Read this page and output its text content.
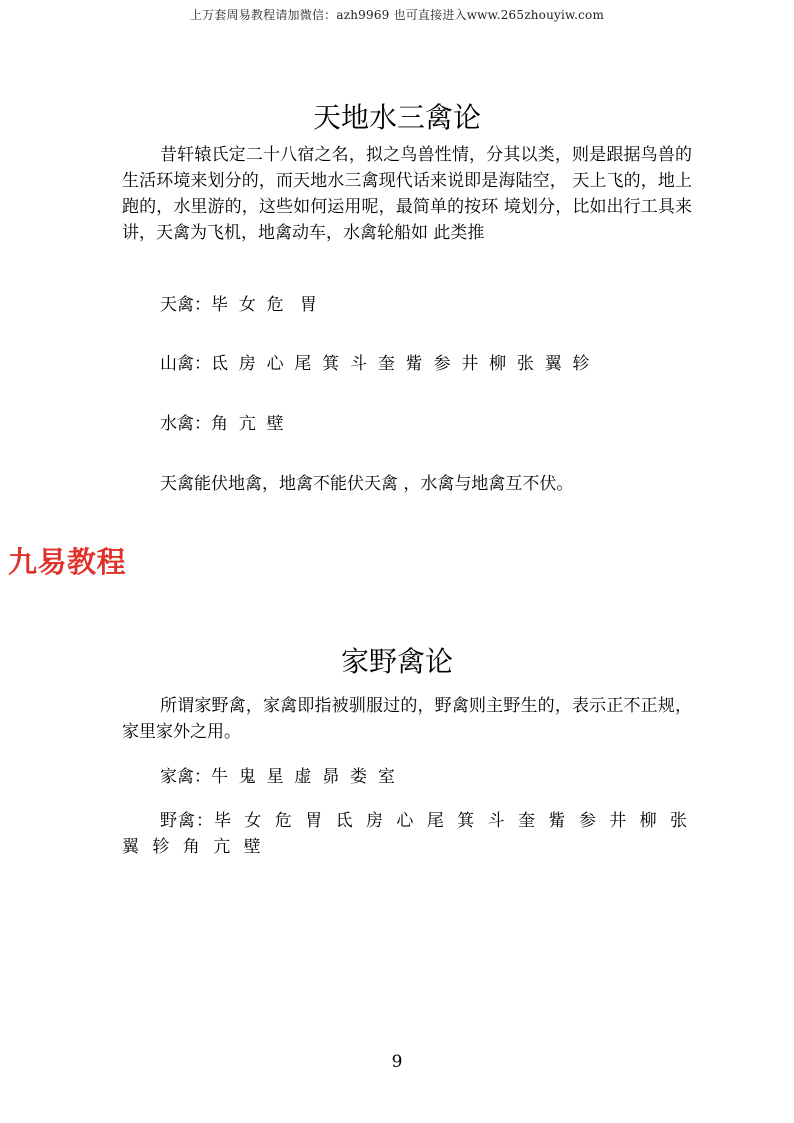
上万套周易教程请加微信：azh9969 也可直接进入www.265zhouyiw.com
天地水三禽论

昔轩辕氏定二十八宿之名，拟之鸟兽性情，分其以类，则是跟据鸟兽的生活环境来划分的，而天地水三禽现代话来说即是海陆空， 天上飞的，地上跑的，水里游的，这些如何运用呢，最简单的按环 境划分，比如出行工具来讲，天禽为飞机，地禽动车，水禽轮船如 此类推

天禽：毕  女  危   胃

山禽：氐  房  心  尾  箕  斗  奎  觜  参  井  柳  张  翼  轸

水禽：角  亢  壁

天禽能伏地禽，地禽不能伏天禽 ，水禽与地禽互不伏。

九易教程
家野禽论

所谓家野禽，家禽即指被驯服过的，野禽则主野生的，表示正不正规，家里家外之用。

家禽：牛  鬼  星  虚  昴  娄  室

野禽：毕 女 危 胃 氐 房 心 尾 箕 斗 奎 觜 参 井 柳 张 翼 轸 角 亢 壁

9
